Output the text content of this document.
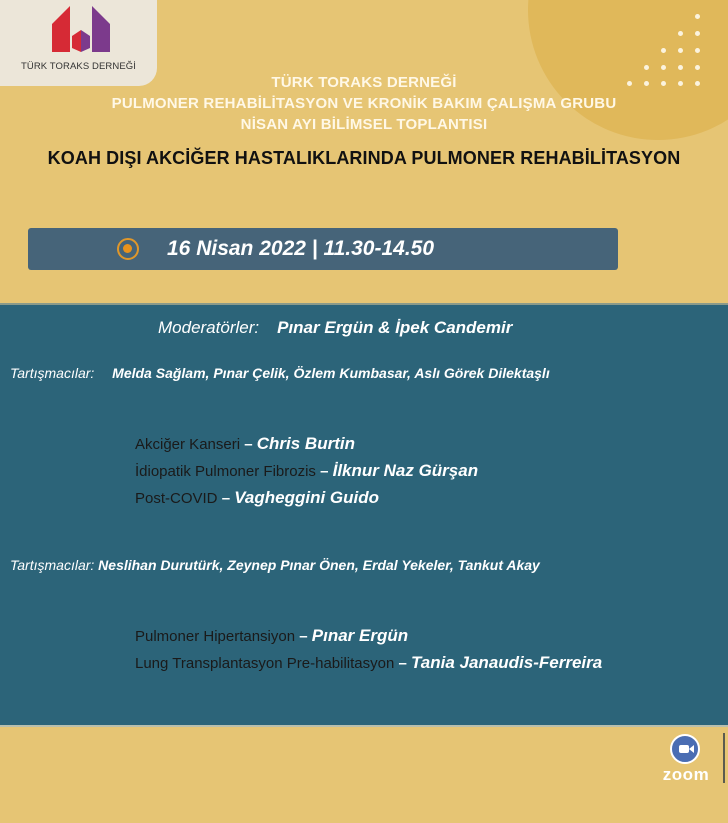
TÜRK TORAKS DERNEĞİ
TÜRK TORAKS DERNEĞİ
PULMONER REHABİLİTASYON VE KRONİK BAKIM ÇALIŞMA GRUBU
NİSAN AYI BİLİMSEL TOPLANTISI
KOAH DIŞI AKCİĞER HASTALIKLARINDA PULMONER REHABİLİTASYON
16 Nisan 2022 | 11.30-14.50
Moderatörler: Pınar Ergün & İpek Candemir
Tartışmacılar: Melda Sağlam, Pınar Çelik, Özlem Kumbasar, Aslı Görek Dilektaşlı
Akciğer Kanseri – Chris Burtin
İdiopatik Pulmoner Fibrozis – İlknur Naz Gürşan
Post-COVID – Vagheggini Guido
Tartışmacılar: Neslihan Durutürk, Zeynep Pınar Önen, Erdal Yekeler, Tankut Akay
Pulmoner Hipertansiyon – Pınar Ergün
Lung Transplantasyon Pre-habilitasyon – Tania Janaudis-Ferreira
zoom
